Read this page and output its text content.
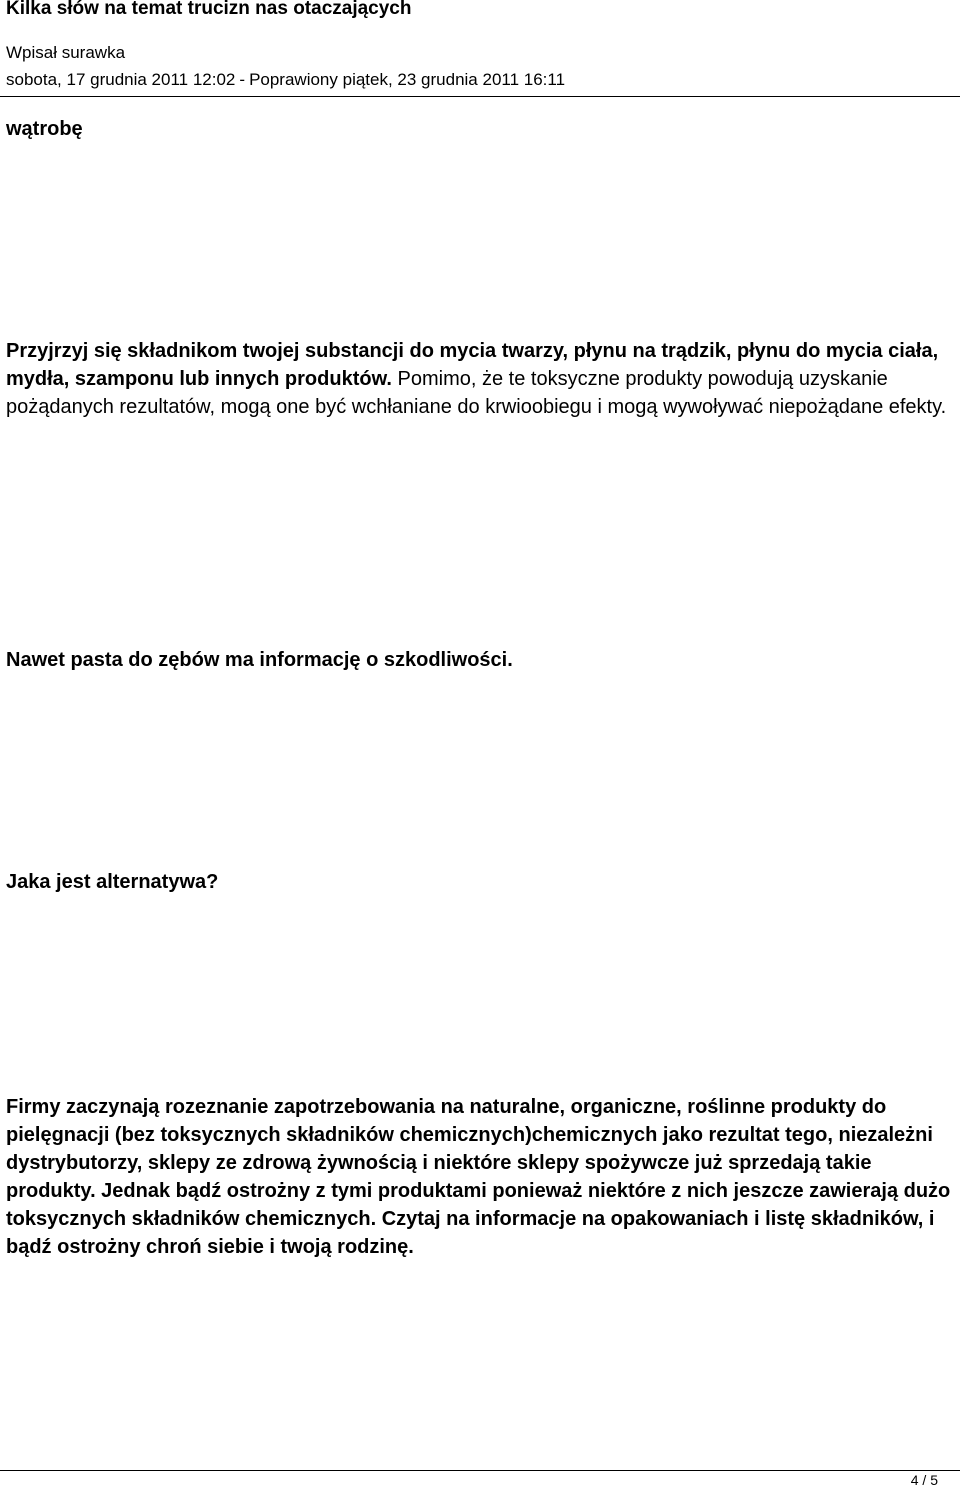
Kilka słów na temat trucizn nas otaczających
Wpisał surawka
sobota, 17 grudnia 2011 12:02 - Poprawiony piątek, 23 grudnia 2011 16:11

wątrobę

Przyjrzyj się składnikom twojej substancji do mycia twarzy, płynu na trądzik, płynu do mycia ciała, mydła, szamponu lub innych produktów. Pomimo, że te toksyczne produkty powodują uzyskanie pożądanych rezultatów, mogą one być wchłaniane do krwioobiegu i mogą wywoływać niepożądane efekty.

Nawet pasta do zębów ma informację o szkodliwości.

Jaka jest alternatywa?

Firmy zaczynają rozeznanie zapotrzebowania na naturalne, organiczne, roślinne produkty do pielęgnacji (bez toksycznych składników chemicznych)chemicznych jako rezultat tego, niezależni dystrybutorzy, sklepy ze zdrową żywnością i niektóre sklepy spożywcze już sprzedają takie produkty. Jednak bądź ostrożny z tymi produktami ponieważ niektóre z nich jeszcze zawierają dużo toksycznych składników chemicznych. Czytaj na informacje na opakowaniach i listę składników, i bądź ostrożny chroń siebie i twoją rodzinę.

4 / 5
